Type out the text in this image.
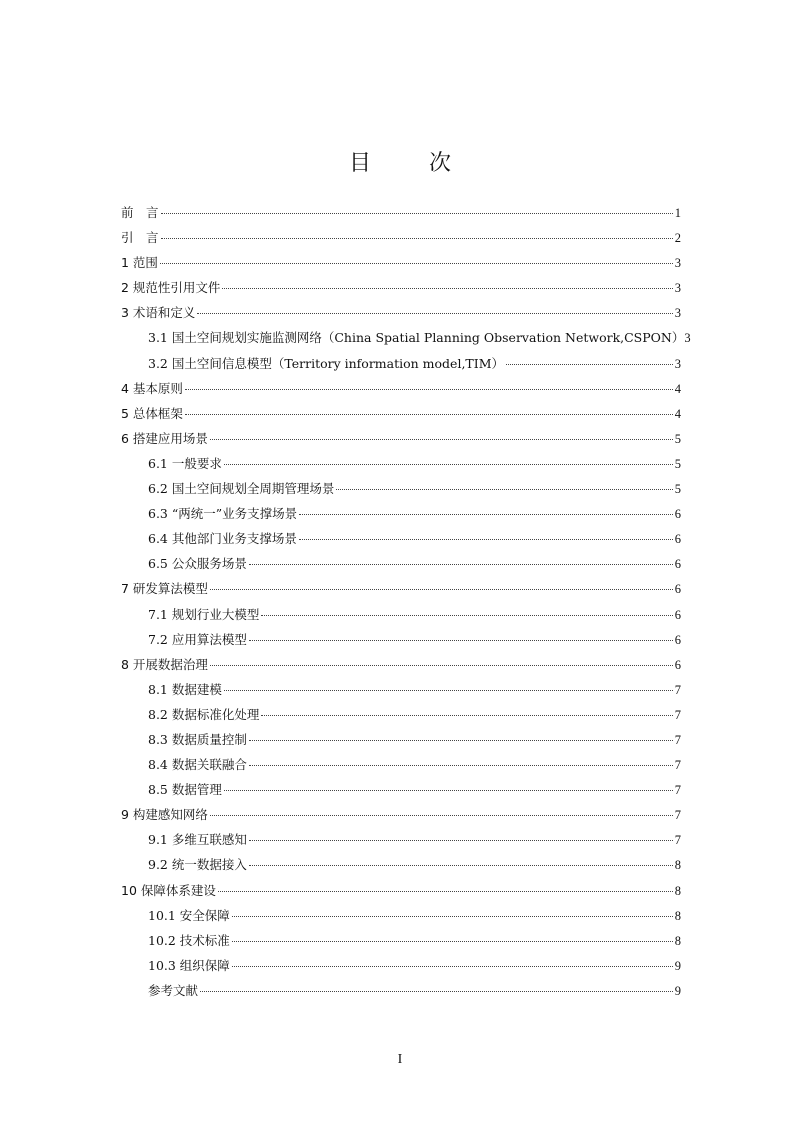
目　次
前　言	1
引　言	2
1 范围	3
2 规范性引用文件	3
3 术语和定义	3
3.1 国土空间规划实施监测网络（China Spatial Planning Observation Network,CSPON） 3
3.2 国土空间信息模型（Territory information model,TIM）	3
4 基本原则	4
5 总体框架	4
6 搭建应用场景	5
6.1 一般要求	5
6.2 国土空间规划全周期管理场景	5
6.3 “两统一”业务支撑场景	6
6.4 其他部门业务支撑场景	6
6.5 公众服务场景	6
7 研发算法模型	6
7.1 规划行业大模型	6
7.2 应用算法模型	6
8 开展数据治理	6
8.1 数据建模	7
8.2 数据标准化处理	7
8.3 数据质量控制	7
8.4 数据关联融合	7
8.5 数据管理	7
9 构建感知网络	7
9.1 多维互联感知	7
9.2 统一数据接入	8
10 保障体系建设	8
10.1 安全保障	8
10.2 技术标准	8
10.3 组织保障	9
参考文献	9
I
